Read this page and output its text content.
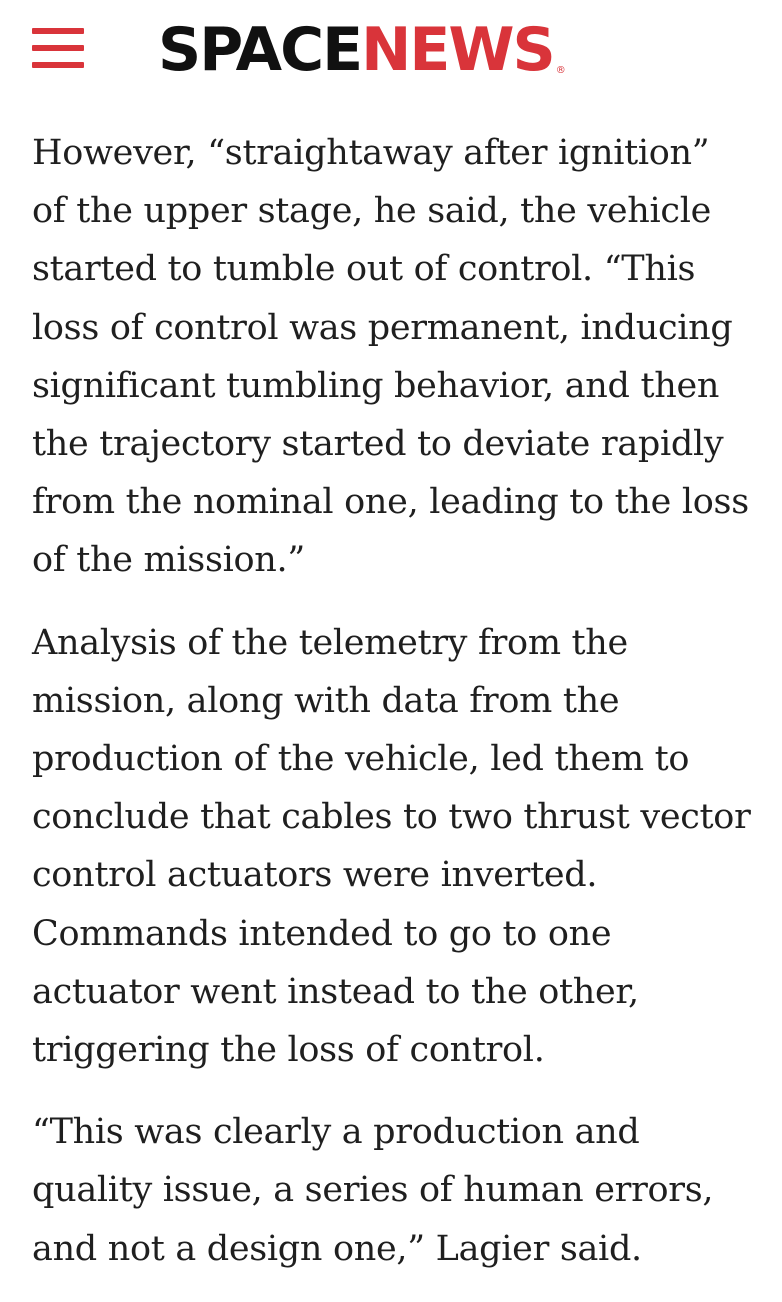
SPACE NEWS ®

However, “straightaway after ignition” of the upper stage, he said, the vehicle started to tumble out of control. “This loss of control was permanent, inducing significant tumbling behavior, and then the trajectory started to deviate rapidly from the nominal one, leading to the loss of the mission.”

Analysis of the telemetry from the mission, along with data from the production of the vehicle, led them to conclude that cables to two thrust vector control actuators were inverted. Commands intended to go to one actuator went instead to the other, triggering the loss of control.

“This was clearly a production and quality issue, a series of human errors, and not a design one,” Lagier said.
